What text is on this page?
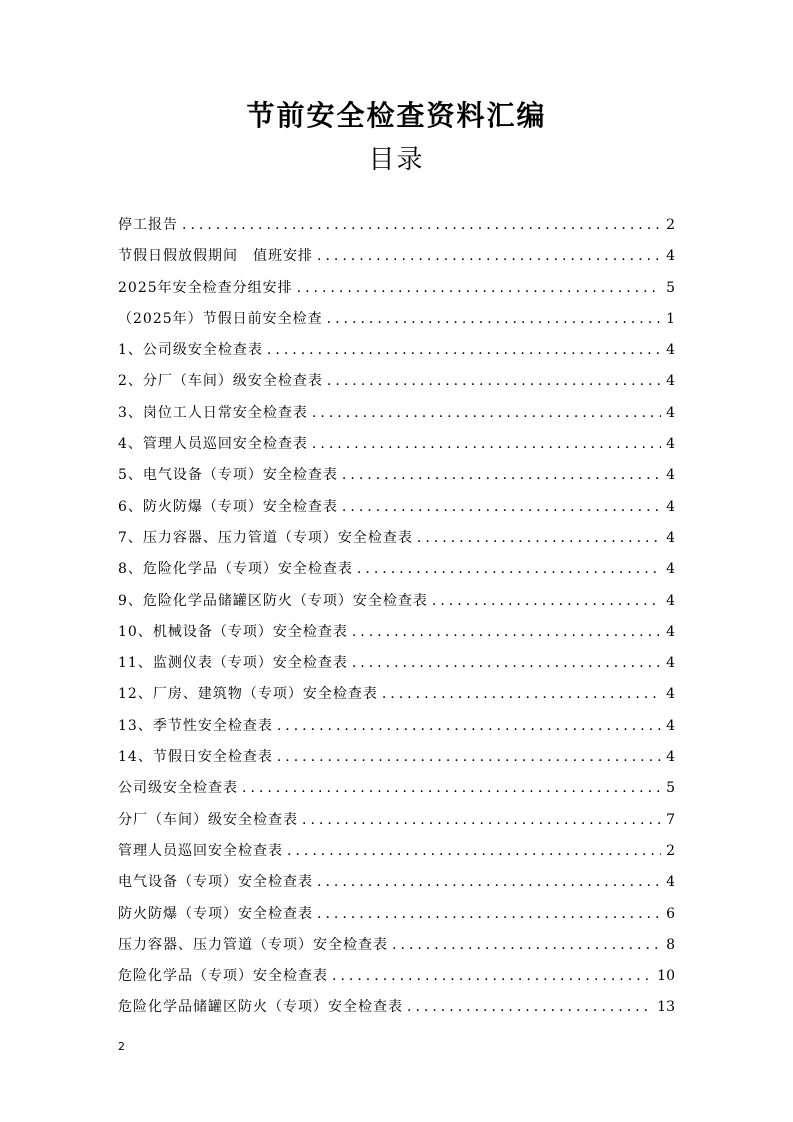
节前安全检查资料汇编
目录
停工报告 .....	2
节假日假放假期间　值班安排 .....	4
2025年安全检查分组安排 .....	5
（2025年）节假日前安全检查 .....	1
1、公司级安全检查表 .....	4
2、分厂（车间）级安全检查表 .....	4
3、岗位工人日常安全检查表 .....	4
4、管理人员巡回安全检查表 .....	4
5、电气设备（专项）安全检查表 .....	4
6、防火防爆（专项）安全检查表 .....	4
7、压力容器、压力管道（专项）安全检查表 .....	4
8、危险化学品（专项）安全检查表 .....	4
9、危险化学品储罐区防火（专项）安全检查表 .....	4
10、机械设备（专项）安全检查表 .....	4
11、监测仪表（专项）安全检查表 .....	4
12、厂房、建筑物（专项）安全检查表 .....	4
13、季节性安全检查表 .....	4
14、节假日安全检查表 .....	4
公司级安全检查表 .....	5
分厂（车间）级安全检查表 .....	7
管理人员巡回安全检查表 .....	2
电气设备（专项）安全检查表 .....	4
防火防爆（专项）安全检查表 .....	6
压力容器、压力管道（专项）安全检查表 .....	8
危险化学品（专项）安全检查表 .....	10
危险化学品储罐区防火（专项）安全检查表 .....	13
2
